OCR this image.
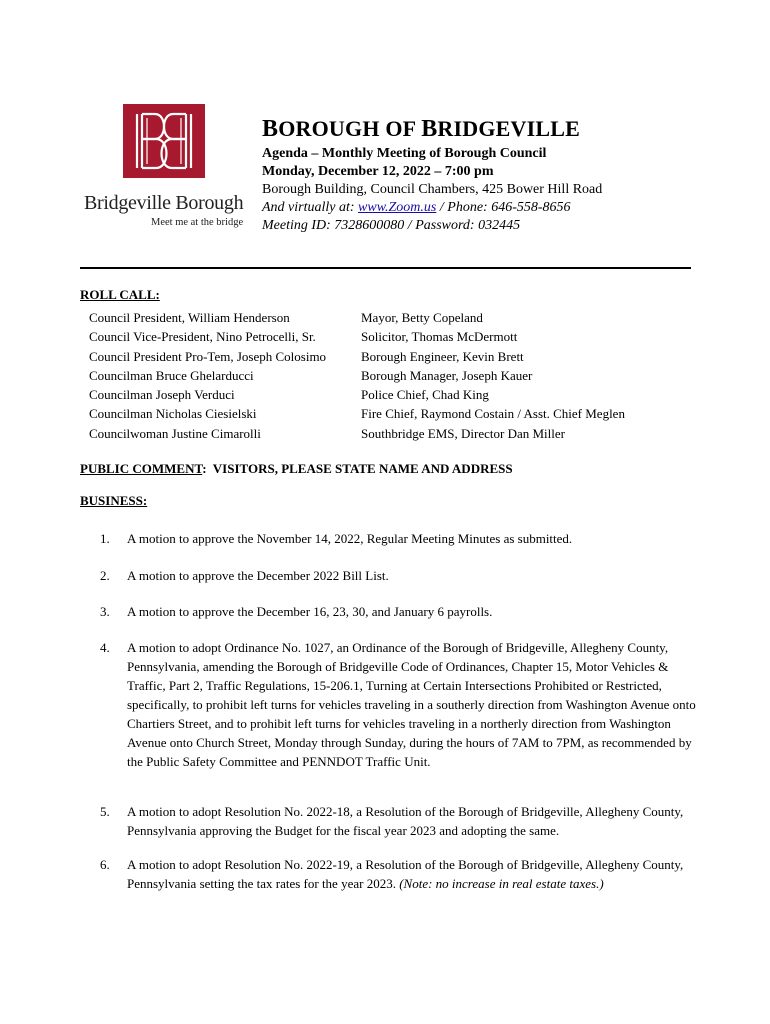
Bridgeville Borough
Meet me at the bridge
BOROUGH OF BRIDGEVILLE
Agenda – Monthly Meeting of Borough Council
Monday, December 12, 2022 – 7:00 pm
Borough Building, Council Chambers, 425 Bower Hill Road
And virtually at: www.Zoom.us / Phone: 646-558-8656
Meeting ID: 7328600080 / Password: 032445
ROLL CALL:
Council President, William Henderson
Council Vice-President, Nino Petrocelli, Sr.
Council President Pro-Tem, Joseph Colosimo
Councilman Bruce Ghelarducci
Councilman Joseph Verduci
Councilman Nicholas Ciesielski
Councilwoman Justine Cimarolli
Mayor, Betty Copeland
Solicitor, Thomas McDermott
Borough Engineer, Kevin Brett
Borough Manager, Joseph Kauer
Police Chief, Chad King
Fire Chief, Raymond Costain / Asst. Chief Meglen
Southbridge EMS, Director Dan Miller
PUBLIC COMMENT:  VISITORS, PLEASE STATE NAME AND ADDRESS
BUSINESS:
1. A motion to approve the November 14, 2022, Regular Meeting Minutes as submitted.
2. A motion to approve the December 2022 Bill List.
3. A motion to approve the December 16, 23, 30, and January 6 payrolls.
4. A motion to adopt Ordinance No. 1027, an Ordinance of the Borough of Bridgeville, Allegheny County, Pennsylvania, amending the Borough of Bridgeville Code of Ordinances, Chapter 15, Motor Vehicles & Traffic, Part 2, Traffic Regulations, 15-206.1, Turning at Certain Intersections Prohibited or Restricted, specifically, to prohibit left turns for vehicles traveling in a southerly direction from Washington Avenue onto Chartiers Street, and to prohibit left turns for vehicles traveling in a northerly direction from Washington Avenue onto Church Street, Monday through Sunday, during the hours of 7AM to 7PM, as recommended by the Public Safety Committee and PENNDOT Traffic Unit.
5. A motion to adopt Resolution No. 2022-18, a Resolution of the Borough of Bridgeville, Allegheny County, Pennsylvania approving the Budget for the fiscal year 2023 and adopting the same.
6. A motion to adopt Resolution No. 2022-19, a Resolution of the Borough of Bridgeville, Allegheny County, Pennsylvania setting the tax rates for the year 2023. (Note: no increase in real estate taxes.)
